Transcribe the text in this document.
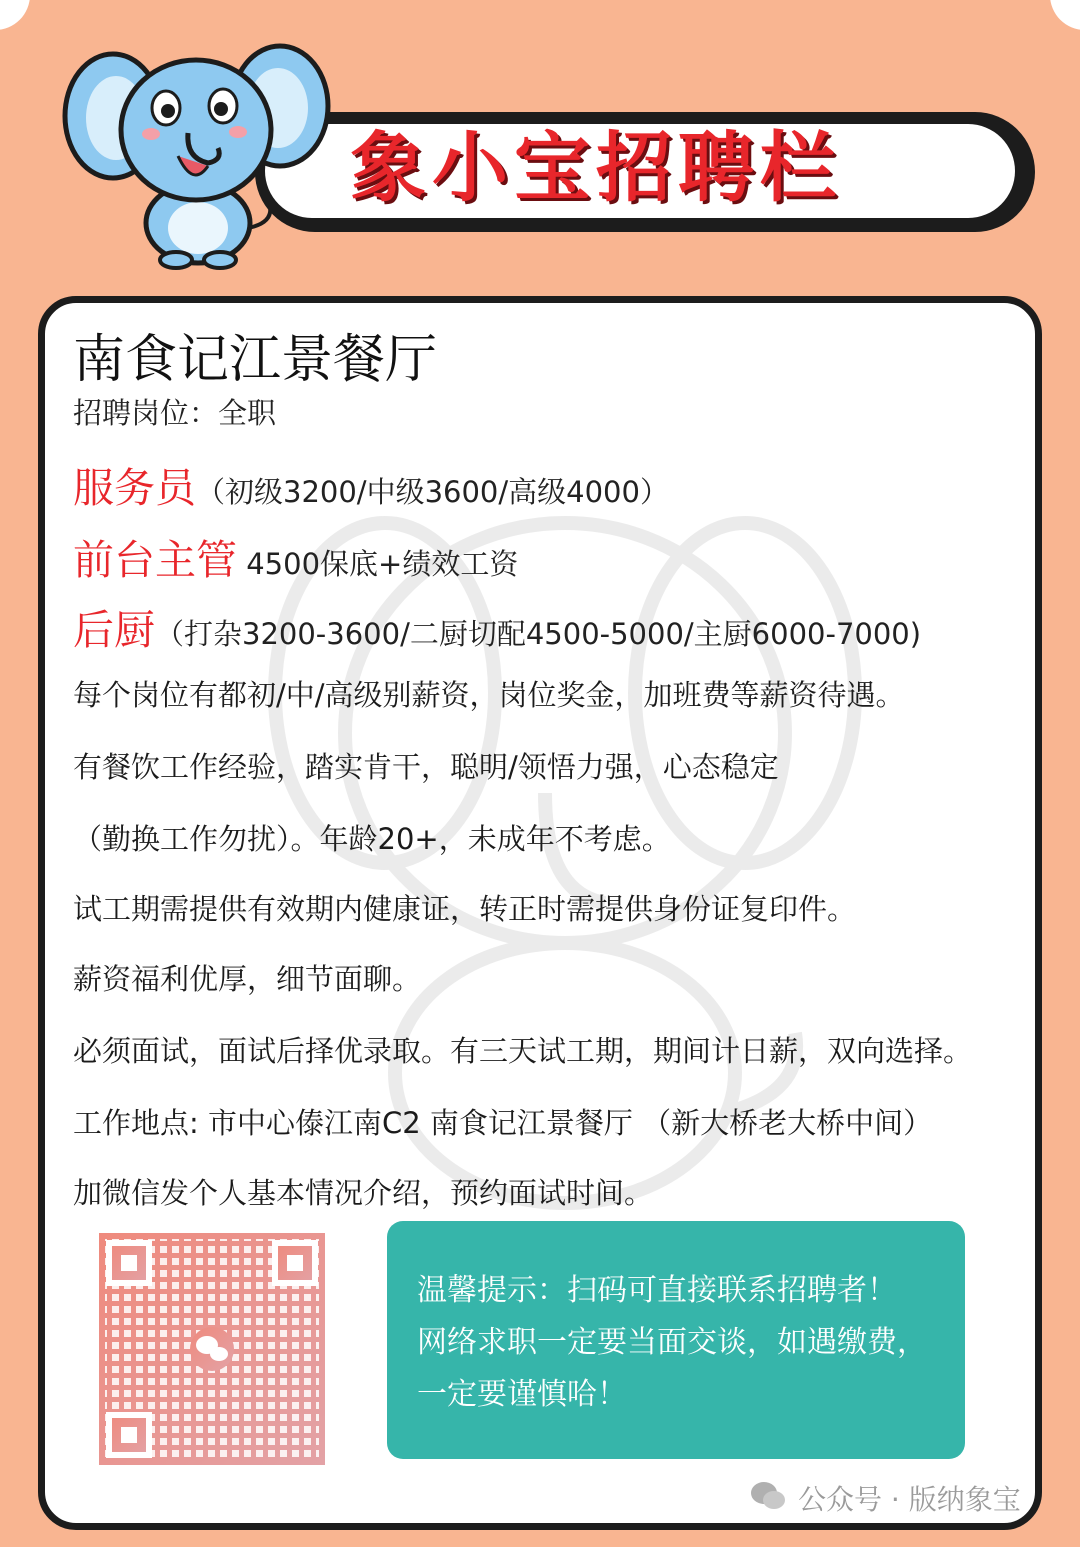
象小宝招聘栏
南食记江景餐厅
招聘岗位：全职
服务员（初级3200/中级3600/高级4000）
前台主管 4500保底+绩效工资
后厨（打杂3200-3600/二厨切配4500-5000/主厨6000-7000)
每个岗位有都初/中/高级别薪资，岗位奖金，加班费等薪资待遇。
有餐饮工作经验，踏实肯干，聪明/领悟力强，心态稳定
（勤换工作勿扰）。年龄20+，未成年不考虑。
试工期需提供有效期内健康证，转正时需提供身份证复印件。
薪资福利优厚，细节面聊。
必须面试，面试后择优录取。有三天试工期，期间计日薪，双向选择。
工作地点: 市中心傣江南C2 南食记江景餐厅 （新大桥老大桥中间）
加微信发个人基本情况介绍，预约面试时间。
温馨提示：扫码可直接联系招聘者！
网络求职一定要当面交谈，如遇缴费，
一定要谨慎哈！
公众号 · 版纳象宝
